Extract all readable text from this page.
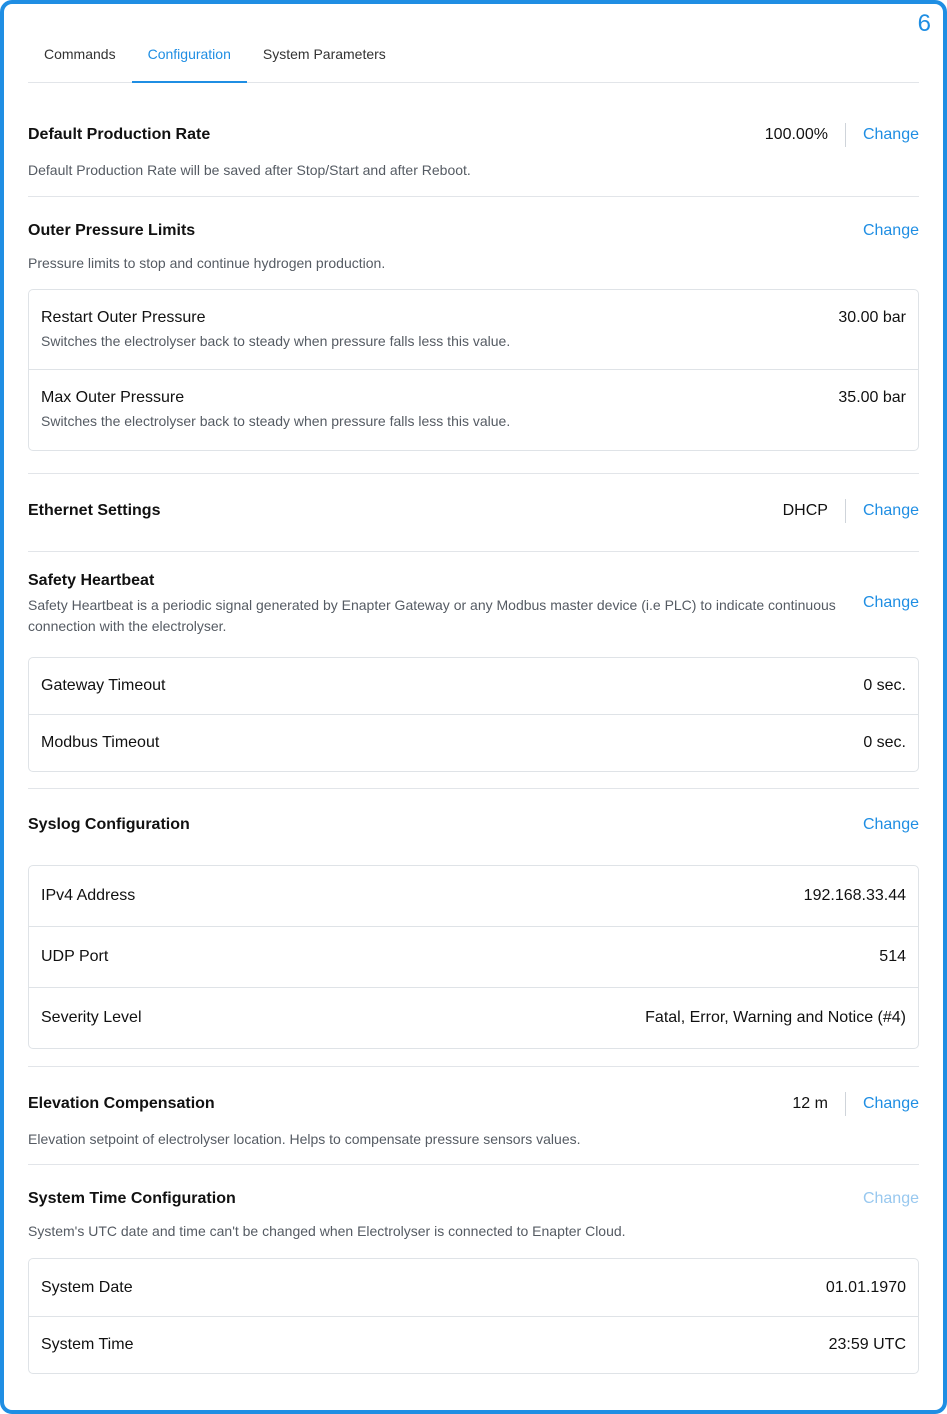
6
Commands	Configuration	System Parameters
Default Production Rate	100.00% Change
Default Production Rate will be saved after Stop/Start and after Reboot.
Outer Pressure Limits	Change
Pressure limits to stop and continue hydrogen production.
Restart Outer Pressure	30.00 bar
Switches the electrolyser back to steady when pressure falls less this value.
Max Outer Pressure	35.00 bar
Switches the electrolyser back to steady when pressure falls less this value.
Ethernet Settings	DHCP Change
Safety Heartbeat
Safety Heartbeat is a periodic signal generated by Enapter Gateway or any Modbus master device (i.e PLC) to indicate continuous connection with the electrolyser.
Change
Gateway Timeout	0 sec.
Modbus Timeout	0 sec.
Syslog Configuration	Change
IPv4 Address	192.168.33.44
UDP Port	514
Severity Level	Fatal, Error, Warning and Notice (#4)
Elevation Compensation	12 m Change
Elevation setpoint of electrolyser location. Helps to compensate pressure sensors values.
System Time Configuration	Change
System's UTC date and time can't be changed when Electrolyser is connected to Enapter Cloud.
System Date	01.01.1970
System Time	23:59 UTC
